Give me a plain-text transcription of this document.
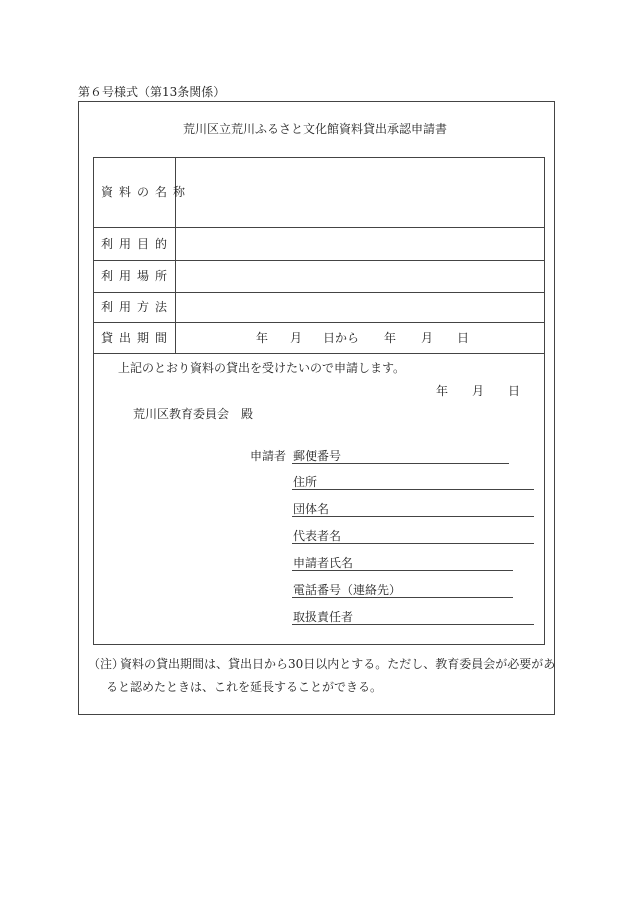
第６号様式（第13条関係）
荒川区立荒川ふるさと文化館資料貸出承認申請書
資料の名称
利用目的
利用場所
利用方法
貸出期間	年 月 日から 年 月 日
上記のとおり資料の貸出を受けたいので申請します。
年 月 日
荒川区教育委員会　殿
申請者 郵便番号
住所
団体名
代表者名
申請者氏名
電話番号（連絡先）
取扱責任者
（注）
資料の貸出期間は、貸出日から30日以内とする。ただし、教育委員会が必要があ
ると認めたときは、これを延長することができる。
